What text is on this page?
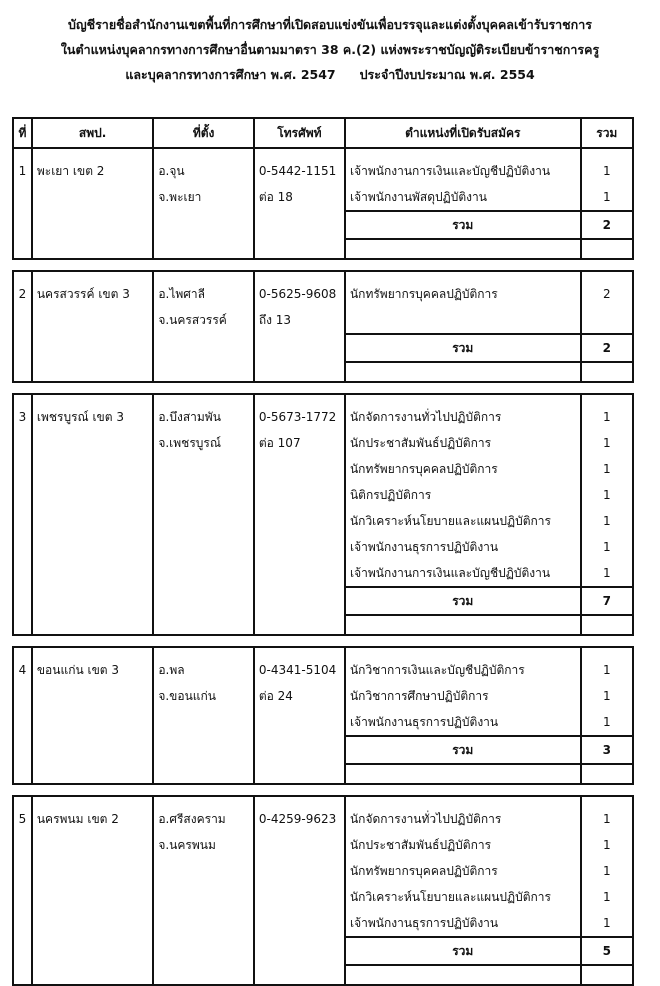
บัญชีรายชื่อสำนักงานเขตพื้นที่การศึกษาที่เปิดสอบแข่งขันเพื่อบรรจุและแต่งตั้งบุคคลเข้ารับราชการ
ในตำแหน่งบุคลากรทางการศึกษาอื่นตามมาตรา 38 ค.(2) แห่งพระราชบัญญัติระเบียบข้าราชการครู
และบุคลากรทางการศึกษา พ.ศ. 2547 ประจำปีงบประมาณ พ.ศ. 2554
ที่	สพป.	ที่ตั้ง	โทรศัพท์	ตำแหน่งที่เปิดรับสมัคร	รวม
1	พะเยา เขต 2	อ.จุน	0-5442-1151	เจ้าพนักงานการเงินและบัญชีปฏิบัติงาน	1
		จ.พะเยา	ต่อ 18	เจ้าพนักงานพัสดุปฏิบัติงาน	1
				รวม	2

2	นครสวรรค์ เขต 3	อ.ไพศาลี	0-5625-9608	นักทรัพยากรบุคคลปฏิบัติการ	2
		จ.นครสวรรค์	ถึง 13		
				รวม	2

3	เพชรบูรณ์ เขต 3	อ.บึงสามพัน	0-5673-1772	นักจัดการงานทั่วไปปฏิบัติการ	1
		จ.เพชรบูรณ์	ต่อ 107	นักประชาสัมพันธ์ปฏิบัติการ	1
				นักทรัพยากรบุคคลปฏิบัติการ	1
				นิติกรปฏิบัติการ	1
				นักวิเคราะห์นโยบายและแผนปฏิบัติการ	1
				เจ้าพนักงานธุรการปฏิบัติงาน	1
				เจ้าพนักงานการเงินและบัญชีปฏิบัติงาน	1
				รวม	7

4	ขอนแก่น เขต 3	อ.พล	0-4341-5104	นักวิชาการเงินและบัญชีปฏิบัติการ	1
		จ.ขอนแก่น	ต่อ 24	นักวิชาการศึกษาปฏิบัติการ	1
				เจ้าพนักงานธุรการปฏิบัติงาน	1
				รวม	3

5	นครพนม เขต 2	อ.ศรีสงคราม	0-4259-9623	นักจัดการงานทั่วไปปฏิบัติการ	1
		จ.นครพนม		นักประชาสัมพันธ์ปฏิบัติการ	1
				นักทรัพยากรบุคคลปฏิบัติการ	1
				นักวิเคราะห์นโยบายและแผนปฏิบัติการ	1
				เจ้าพนักงานธุรการปฏิบัติงาน	1
				รวม	5
